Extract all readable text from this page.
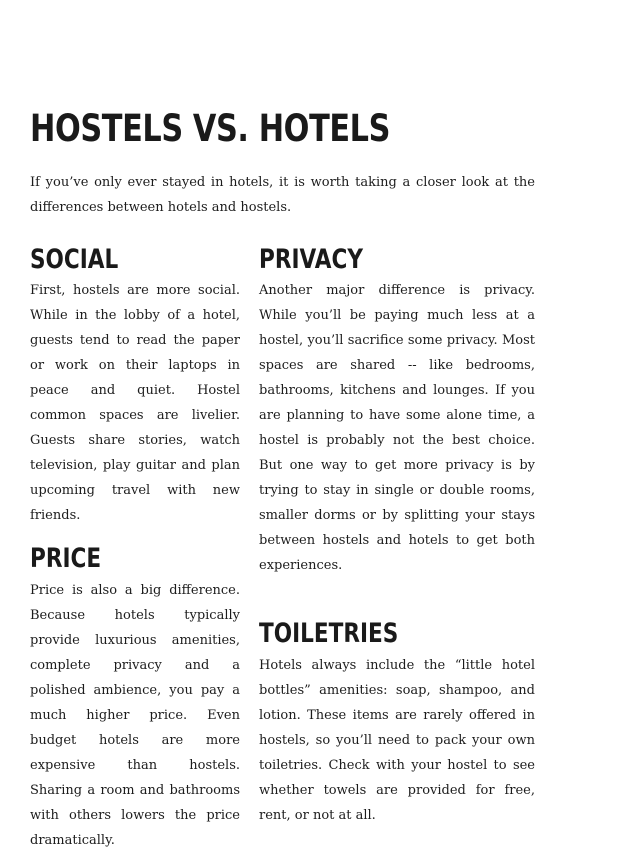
HOSTELS VS. HOTELS

If you’ve only ever stayed in hotels, it is worth taking a closer look at the differences between hotels and hostels.

SOCIAL

First, hostels are more social. While in the lobby of a hotel, guests tend to read the paper or work on their laptops in peace and quiet. Hostel common spaces are livelier. Guests share stories, watch television, play guitar and plan upcoming travel with new friends.

PRIVACY

Another major difference is privacy. While you’ll be paying much less at a hostel, you’ll sacrifice some privacy. Most spaces are shared -- like bedrooms, bathrooms, kitchens and lounges. If you are planning to have some alone time, a hostel is probably not the best choice. But one way to get more privacy is by trying to stay in single or double rooms, smaller dorms or by splitting your stays between hostels and hotels to get both experiences.

PRICE

Price is also a big difference. Because hotels typically provide luxurious amenities, complete privacy and a polished ambience, you pay a much higher price. Even budget hotels are more expensive than hostels. Sharing a room and bathrooms with others lowers the price dramatically.

TOILETRIES

Hotels always include the “little hotel bottles” amenities: soap, shampoo, and lotion. These items are rarely offered in hostels, so you’ll need to pack your own toiletries. Check with your hostel to see whether towels are provided for free, rent, or not at all.
